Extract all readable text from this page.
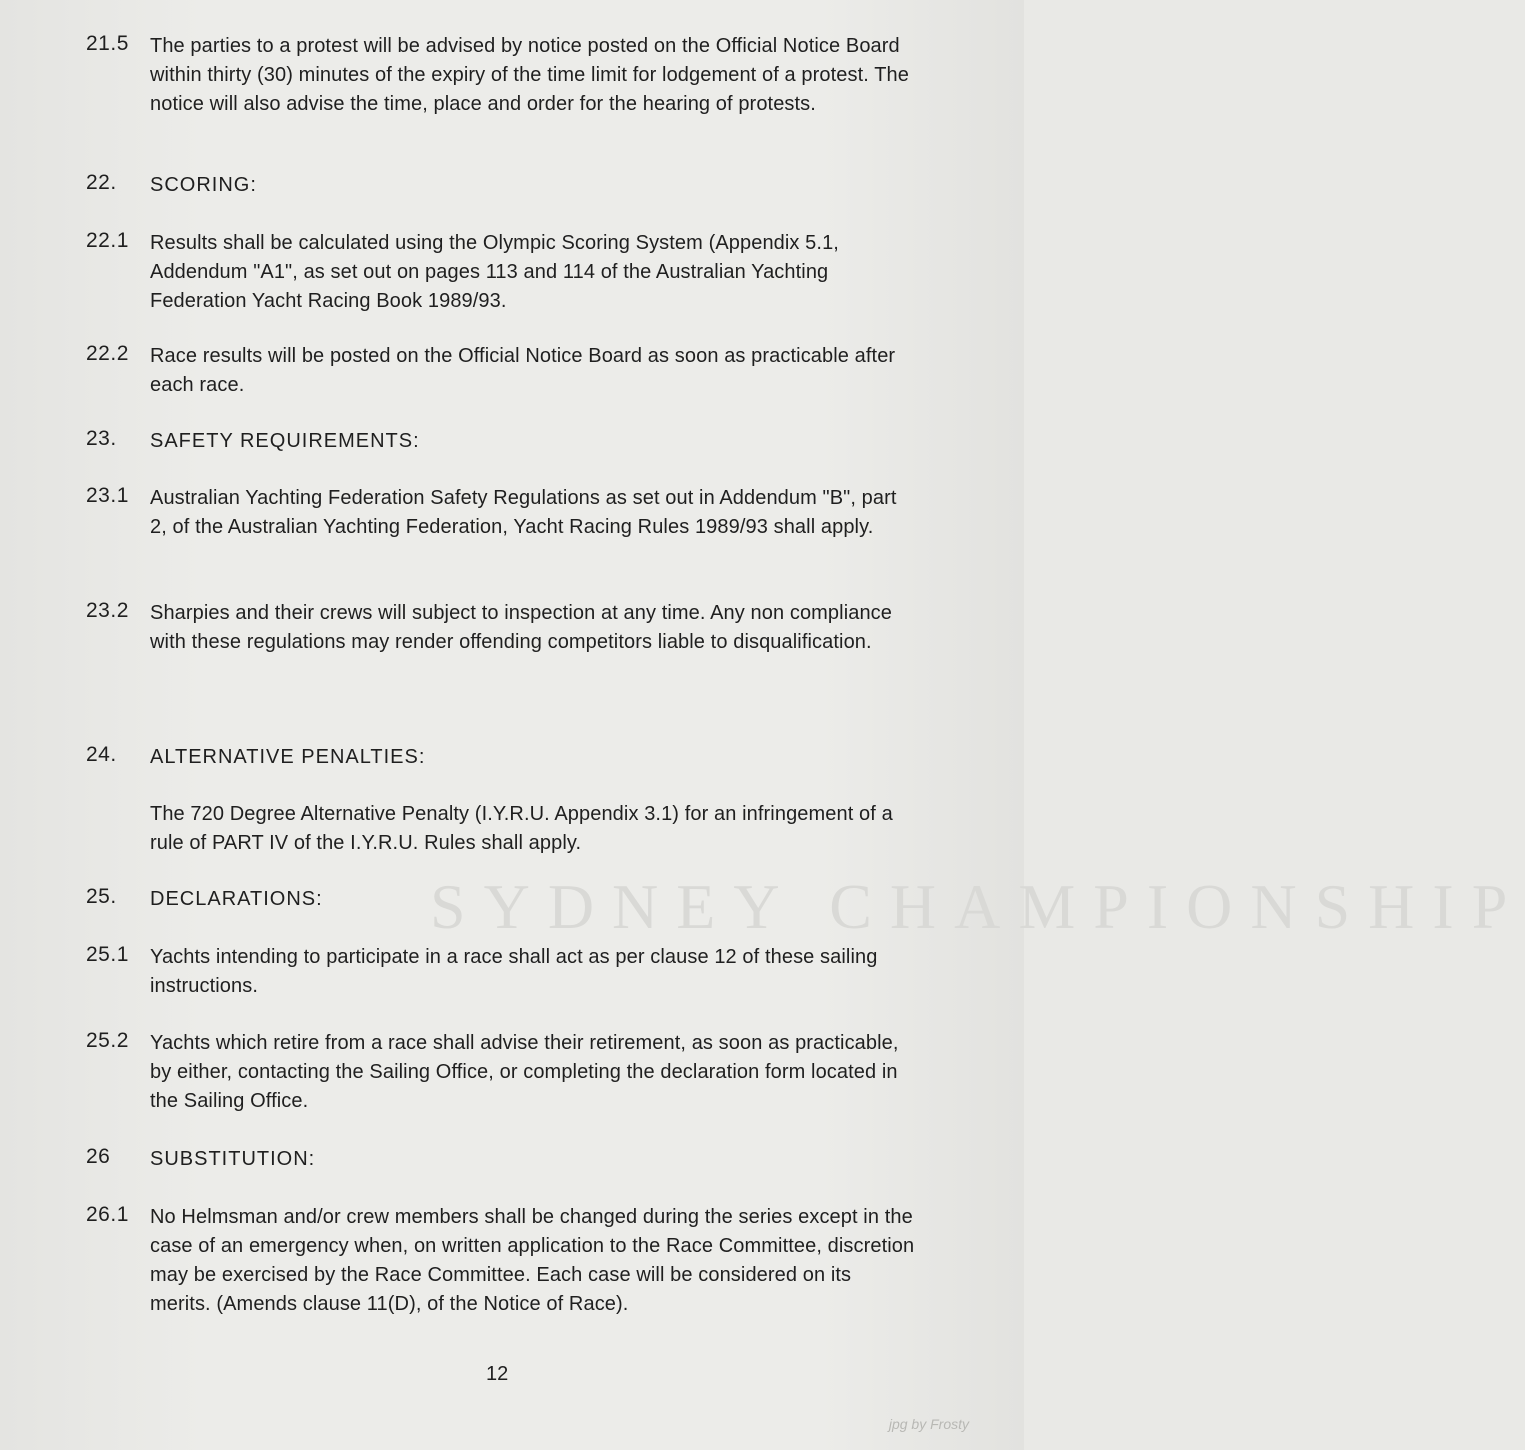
SYDNEY CHAMPIONSHIP
21.5 The parties to a protest will be advised by notice posted on the Official Notice Board within thirty (30) minutes of the expiry of the time limit for lodgement of a protest. The notice will also advise the time, place and order for the hearing of protests.
22. SCORING:
22.1 Results shall be calculated using the Olympic Scoring System (Appendix 5.1, Addendum "A1", as set out on pages 113 and 114 of the Australian Yachting Federation Yacht Racing Book 1989/93.
22.2 Race results will be posted on the Official Notice Board as soon as practicable after each race.
23. SAFETY REQUIREMENTS:
23.1 Australian Yachting Federation Safety Regulations as set out in Addendum "B", part 2, of the Australian Yachting Federation, Yacht Racing Rules 1989/93 shall apply.
23.2 Sharpies and their crews will subject to inspection at any time. Any non compliance with these regulations may render offending competitors liable to disqualification.
24. ALTERNATIVE PENALTIES:
The 720 Degree Alternative Penalty (I.Y.R.U. Appendix 3.1) for an infringement of a rule of PART IV of the I.Y.R.U. Rules shall apply.
25. DECLARATIONS:
25.1 Yachts intending to participate in a race shall act as per clause 12 of these sailing instructions.
25.2 Yachts which retire from a race shall advise their retirement, as soon as practicable, by either, contacting the Sailing Office, or completing the declaration form located in the Sailing Office.
26 SUBSTITUTION:
26.1 No Helmsman and/or crew members shall be changed during the series except in the case of an emergency when, on written application to the Race Committee, discretion may be exercised by the Race Committee. Each case will be considered on its merits. (Amends clause 11(D), of the Notice of Race).
12
jpg by Frosty
